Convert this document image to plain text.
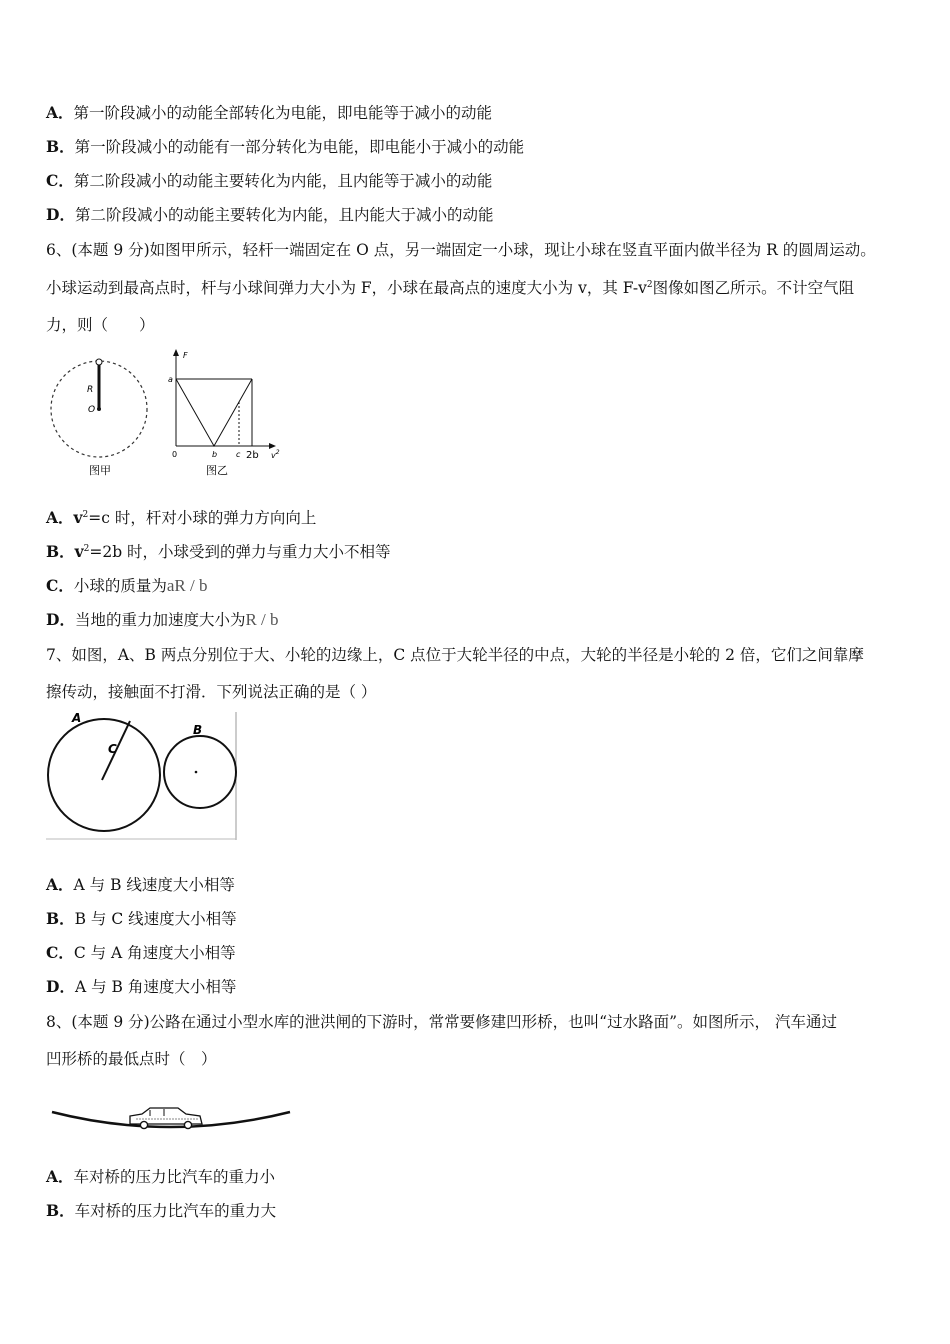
A．第一阶段减小的动能全部转化为电能，即电能等于减小的动能
B．第一阶段减小的动能有一部分转化为电能，即电能小于减小的动能
C．第二阶段减小的动能主要转化为内能，且内能等于减小的动能
D．第二阶段减小的动能主要转化为内能，且内能大于减小的动能
6、(本题 9 分)如图甲所示，轻杆一端固定在 O 点，另一端固定一小球，现让小球在竖直平面内做半径为 R 的圆周运动。
小球运动到最高点时，杆与小球间弹力大小为 F，小球在最高点的速度大小为 v，其 $F-v^2$图像如图乙所示。不计空气阻
力，则（　　）
R
O
图甲
F
$v^2$
a
0	b c 2b
图乙
A．$v^2=c$ 时，杆对小球的弹力方向向上
B．$v^2=2b$ 时，小球受到的弹力与重力大小不相等
C．小球的质量为aR / b
D．当地的重力加速度大小为R / b
7、如图，A、B 两点分别位于大、小轮的边缘上，C 点位于大轮半径的中点，大轮的半径是小轮的 2 倍，它们之间靠摩
擦传动，接触面不打滑．下列说法正确的是（ ）
A
C
B
A．A 与 B 线速度大小相等
B．B 与 C 线速度大小相等
C．C 与 A 角速度大小相等
D．A 与 B 角速度大小相等
8、(本题 9 分)公路在通过小型水库的泄洪闸的下游时，常常要修建凹形桥，也叫“过水路面”。如图所示， 汽车通过
凹形桥的最低点时（　）
A．车对桥的压力比汽车的重力小
B．车对桥的压力比汽车的重力大
